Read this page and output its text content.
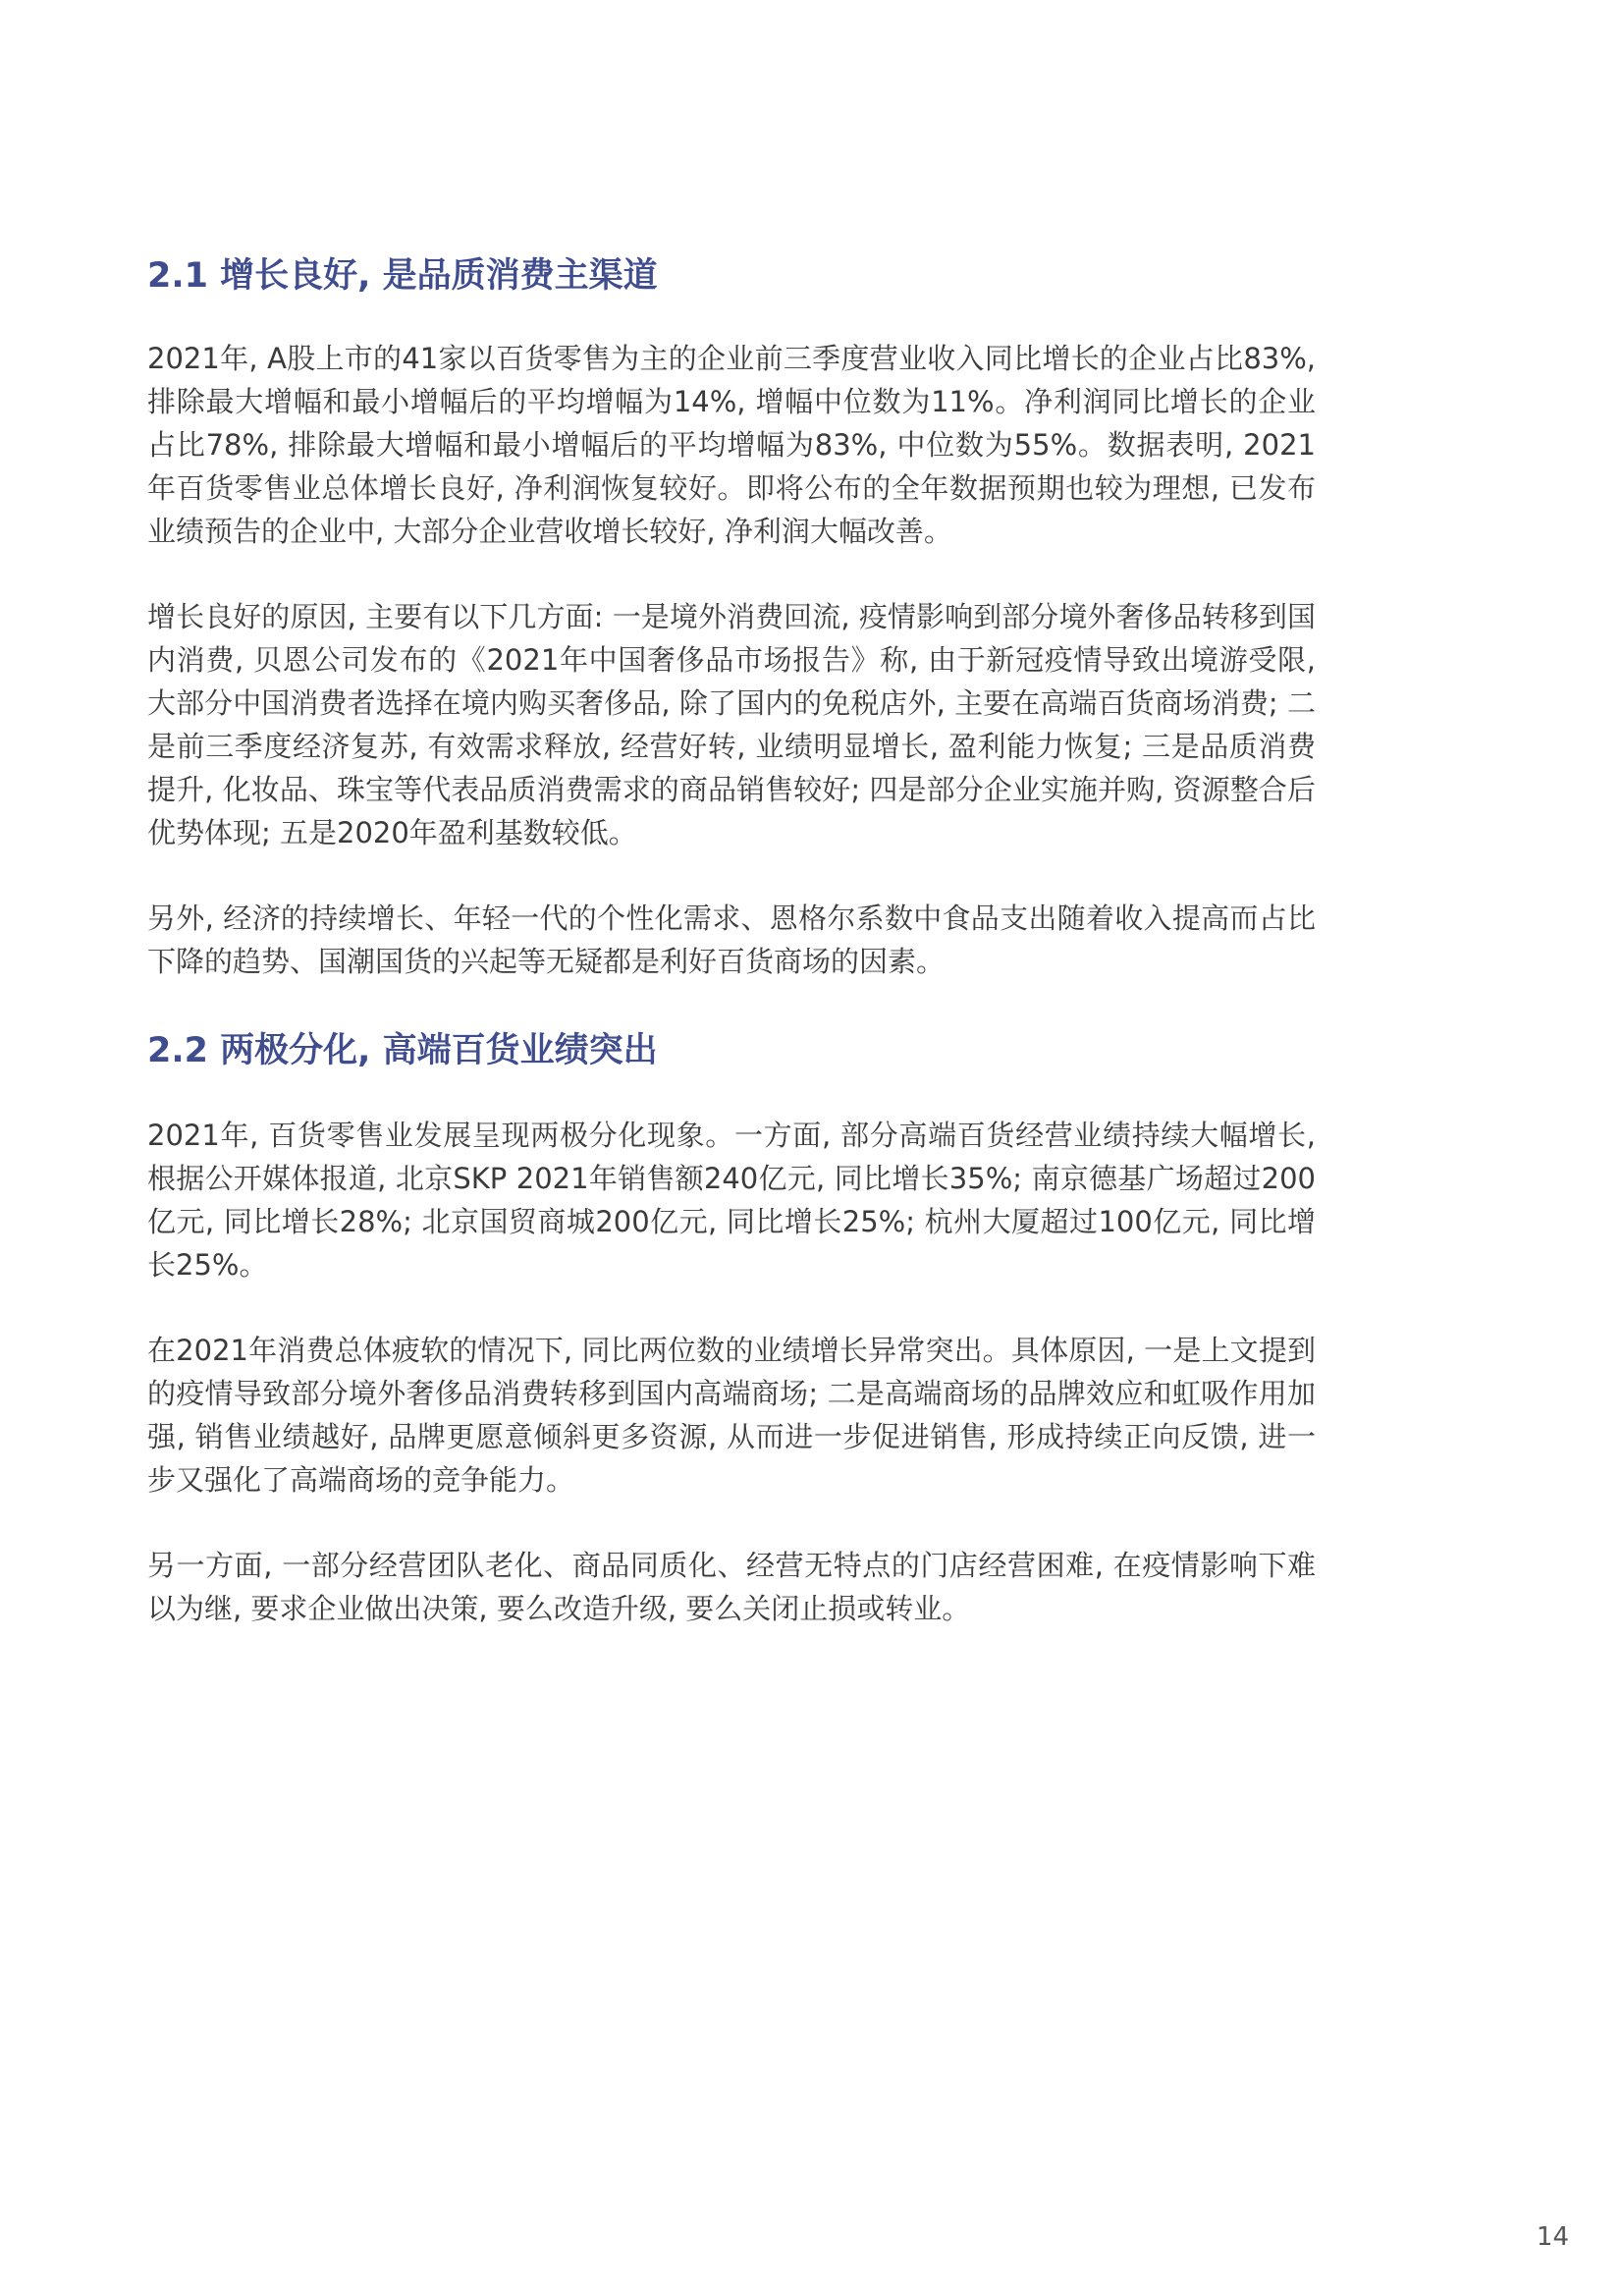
2.1 增长良好, 是品质消费主渠道

2021年, A股上市的41家以百货零售为主的企业前三季度营业收入同比增长的企业占比83%, 排除最大增幅和最小增幅后的平均增幅为14%, 增幅中位数为11%。净利润同比增长的企业占比78%, 排除最大增幅和最小增幅后的平均增幅为83%, 中位数为55%。数据表明, 2021年百货零售业总体增长良好, 净利润恢复较好。即将公布的全年数据预期也较为理想, 已发布业绩预告的企业中, 大部分企业营收增长较好, 净利润大幅改善。

增长良好的原因, 主要有以下几方面: 一是境外消费回流, 疫情影响到部分境外奢侈品转移到国内消费, 贝恩公司发布的《2021年中国奢侈品市场报告》称, 由于新冠疫情导致出境游受限, 大部分中国消费者选择在境内购买奢侈品, 除了国内的免税店外, 主要在高端百货商场消费; 二是前三季度经济复苏, 有效需求释放, 经营好转, 业绩明显增长, 盈利能力恢复; 三是品质消费提升, 化妆品、珠宝等代表品质消费需求的商品销售较好; 四是部分企业实施并购, 资源整合后优势体现; 五是2020年盈利基数较低。

另外, 经济的持续增长、年轻一代的个性化需求、恩格尔系数中食品支出随着收入提高而占比下降的趋势、国潮国货的兴起等无疑都是利好百货商场的因素。

2.2 两极分化, 高端百货业绩突出

2021年, 百货零售业发展呈现两极分化现象。一方面, 部分高端百货经营业绩持续大幅增长, 根据公开媒体报道, 北京SKP 2021年销售额240亿元, 同比增长35%; 南京德基广场超过200亿元, 同比增长28%; 北京国贸商城200亿元, 同比增长25%; 杭州大厦超过100亿元, 同比增长25%。

在2021年消费总体疲软的情况下, 同比两位数的业绩增长异常突出。具体原因, 一是上文提到的疫情导致部分境外奢侈品消费转移到国内高端商场; 二是高端商场的品牌效应和虹吸作用加强, 销售业绩越好, 品牌更愿意倾斜更多资源, 从而进一步促进销售, 形成持续正向反馈, 进一步又强化了高端商场的竞争能力。

另一方面, 一部分经营团队老化、商品同质化、经营无特点的门店经营困难, 在疫情影响下难以为继, 要求企业做出决策, 要么改造升级, 要么关闭止损或转业。

14
